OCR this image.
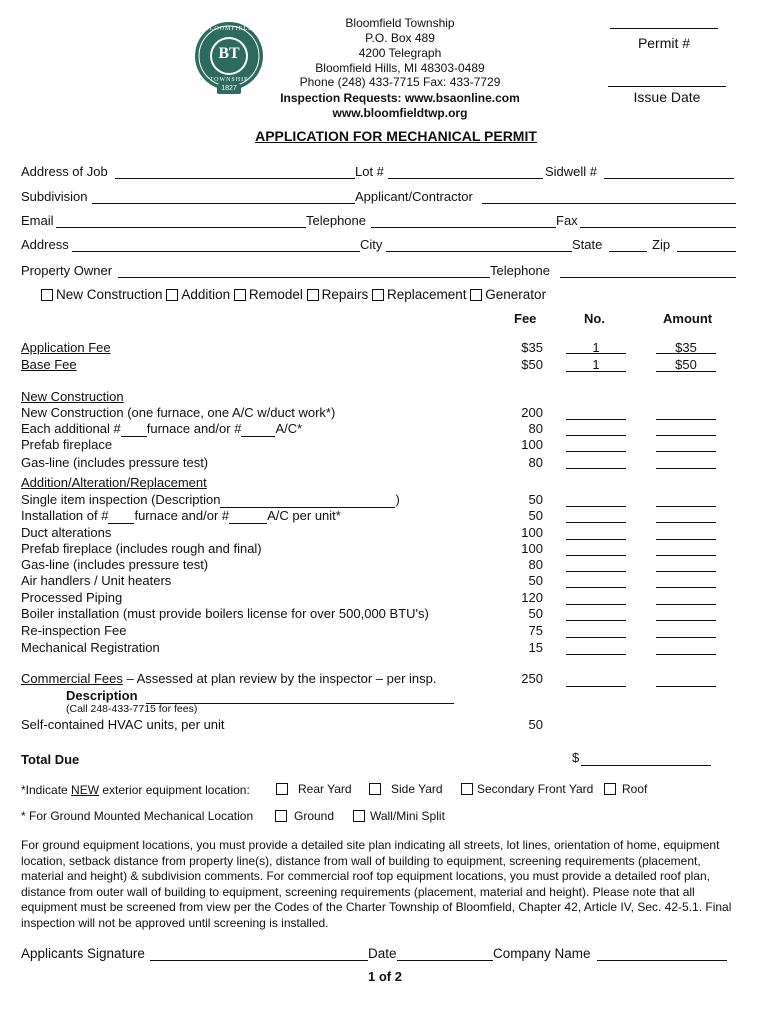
BT
BLOOMFIELD
TOWNSHIP
1827
Bloomfield Township
P.O. Box 489
4200 Telegraph
Bloomfield Hills, MI 48303-0489
Phone (248) 433-7715 Fax: 433-7729
Inspection Requests: www.bsaonline.com
www.bloomfieldtwp.org
Permit #
Issue Date
APPLICATION FOR MECHANICAL PERMIT
Address of Job	Lot #	Sidwell #
Subdivision	Applicant/Contractor
Email	Telephone	Fax
Address	City	State	Zip
Property Owner	Telephone
New Construction Addition Remodel Repairs Replacement Generator
Fee	No.	Amount
Application Fee	$35	1	$35
Base Fee	$50	1	$50
New Construction
New Construction (one furnace, one A/C w/duct work*)	200
Each additional # furnace and/or #	A/C*	80
Prefab fireplace	100
Gas-line (includes pressure test)	80
Addition/Alteration/Replacement
Single item inspection (Description	)	50
Installation of # furnace and/or #	A/C per unit*	50
Duct alterations	100
Prefab fireplace (includes rough and final)	100
Gas-line (includes pressure test)	80
Air handlers / Unit heaters	50
Processed Piping	120
Boiler installation (must provide boilers license for over 500,000 BTU's)	50
Re-inspection Fee	75
Mechanical Registration	15
Commercial Fees – Assessed at plan review by the inspector – per insp.	250
Description
(Call 248-433-7715 for fees)
Self-contained HVAC units, per unit	50
Total Due	$
*Indicate NEW exterior equipment location:	Rear Yard	Side Yard	Secondary Front Yard Roof
* For Ground Mounted Mechanical Location	Ground	Wall/Mini Split
For ground equipment locations, you must provide a detailed site plan indicating all streets, lot lines, orientation of home, equipment location, setback distance from property line(s), distance from wall of building to equipment, screening requirements (placement, material and height) & subdivision comments. For commercial roof top equipment locations, you must provide a detailed roof plan, distance from outer wall of building to equipment, screening requirements (placement, material and height). Please note that all equipment must be screened from view per the Codes of the Charter Township of Bloomfield, Chapter 42, Article IV, Sec. 42-5.1. Final inspection will not be approved until screening is installed.
Applicants Signature	Date	Company Name
1 of 2
